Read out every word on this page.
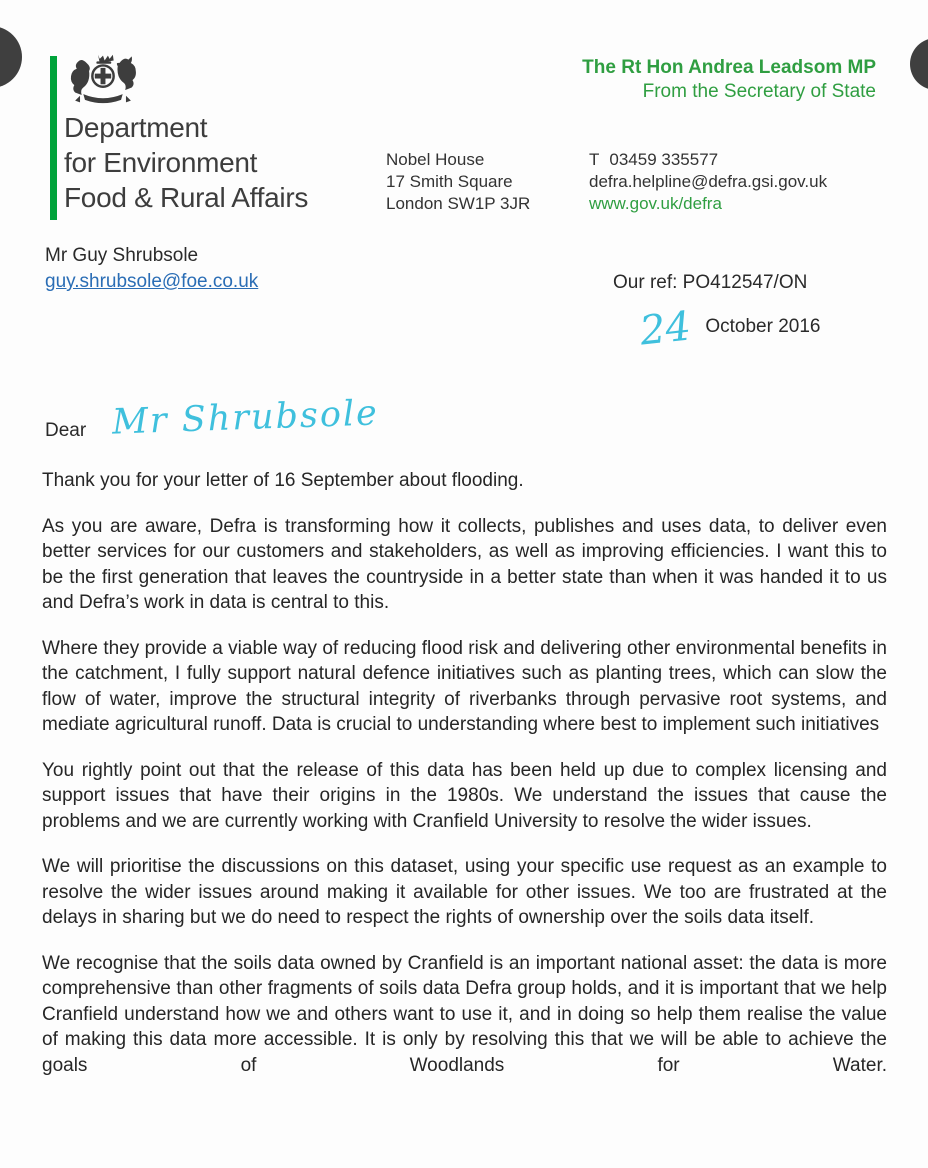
Department
for Environment
Food & Rural Affairs
The Rt Hon Andrea Leadsom MP
From the Secretary of State
Nobel House
17 Smith Square
London SW1P 3JR
T 03459 335577
defra.helpline@defra.gsi.gov.uk
www.gov.uk/defra
Mr Guy Shrubsole
guy.shrubsole@foe.co.uk	Our ref: PO412547/ON
24 October 2016
Dear Mr Shrubsole

Thank you for your letter of 16 September about flooding.

As you are aware, Defra is transforming how it collects, publishes and uses data, to deliver even better services for our customers and stakeholders, as well as improving efficiencies. I want this to be the first generation that leaves the countryside in a better state than when it was handed it to us and Defra’s work in data is central to this.

Where they provide a viable way of reducing flood risk and delivering other environmental benefits in the catchment, I fully support natural defence initiatives such as planting trees, which can slow the flow of water, improve the structural integrity of riverbanks through pervasive root systems, and mediate agricultural runoff. Data is crucial to understanding where best to implement such initiatives

You rightly point out that the release of this data has been held up due to complex licensing and support issues that have their origins in the 1980s. We understand the issues that cause the problems and we are currently working with Cranfield University to resolve the wider issues.

We will prioritise the discussions on this dataset, using your specific use request as an example to resolve the wider issues around making it available for other issues. We too are frustrated at the delays in sharing but we do need to respect the rights of ownership over the soils data itself.

We recognise that the soils data owned by Cranfield is an important national asset: the data is more comprehensive than other fragments of soils data Defra group holds, and it is important that we help Cranfield understand how we and others want to use it, and in doing so help them realise the value of making this data more accessible. It is only by resolving this that we will be able to achieve the goals of Woodlands for Water.
